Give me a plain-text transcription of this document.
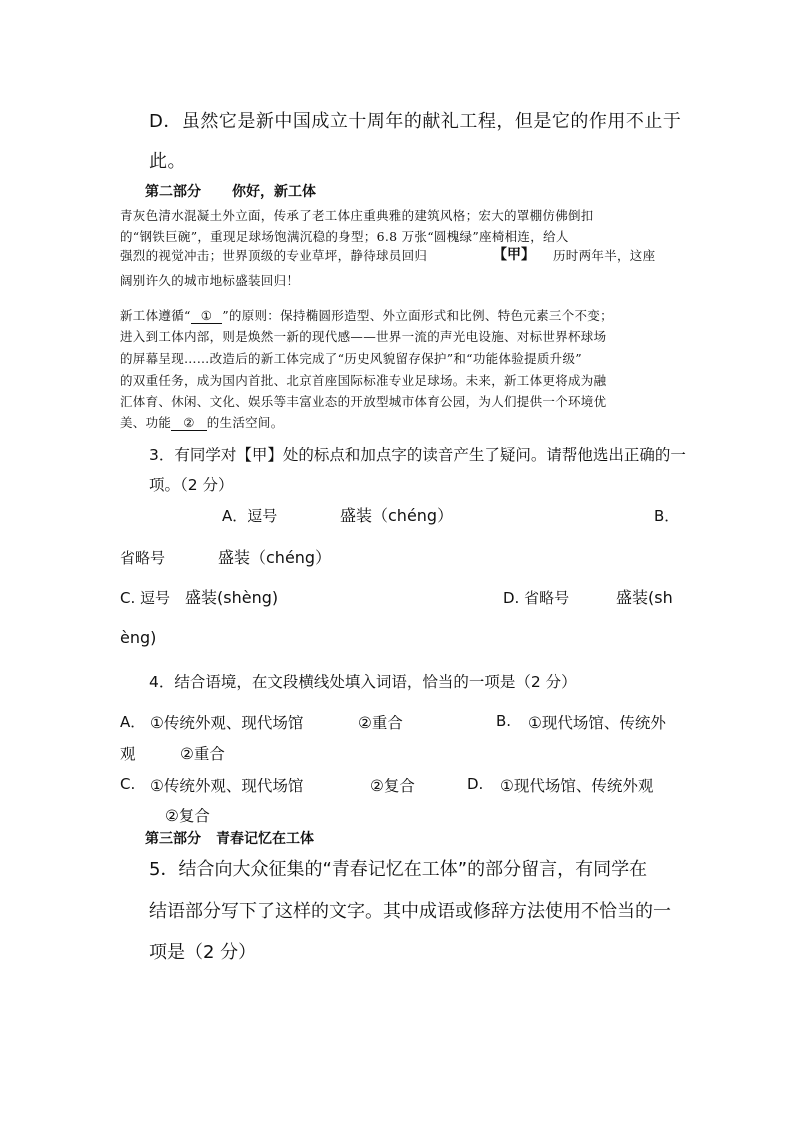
D．虽然它是新中国成立十周年的献礼工程，但是它的作用不止于
此。
第二部分 你好，新工体
青灰色清水混凝土外立面，传承了老工体庄重典雅的建筑风格；宏大的罩棚仿佛倒扣
的“钢铁巨碗”，重现足球场饱满沉稳的身型；6.8 万张“圆槐绿”座椅相连，给人
强烈的视觉冲击；世界顶级的专业草坪，静待球员回归	【甲】 历时两年半，这座
阔别许久的城市地标盛装回归！
新工体遵循“ ① ”的原则：保持椭圆形造型、外立面形式和比例、特色元素三个不变；
进入到工体内部，则是焕然一新的现代感——世界一流的声光电设施、对标世界杯球场
的屏幕呈现……改造后的新工体完成了“历史风貌留存保护”和“功能体验提质升级”
的双重任务，成为国内首批、北京首座国际标准专业足球场。未来，新工体更将成为融
汇体育、休闲、文化、娱乐等丰富业态的开放型城市体育公园，为人们提供一个环境优
美、功能 ② 的生活空间。
3．有同学对【甲】处的标点和加点字的读音产生了疑问。请帮他选出正确的一
项。（2 分）
A．逗号	盛装（chéng）	B．
省略号	盛装（chéng）
C. 逗号 盛装(shèng)	D. 省略号	盛装(sh
èng)
4．结合语境，在文段横线处填入词语，恰当的一项是（2 分）
A． ①传统外观、现代场馆	②重合	B. ①现代场馆、传统外
观	②重合
C. ①传统外观、现代场馆	②复合	D. ①现代场馆、传统外观
②复合
第三部分 青春记忆在工体
5．结合向大众征集的“青春记忆在工体”的部分留言，有同学在
结语部分写下了这样的文字。其中成语或修辞方法使用不恰当的一
项是（2 分）
